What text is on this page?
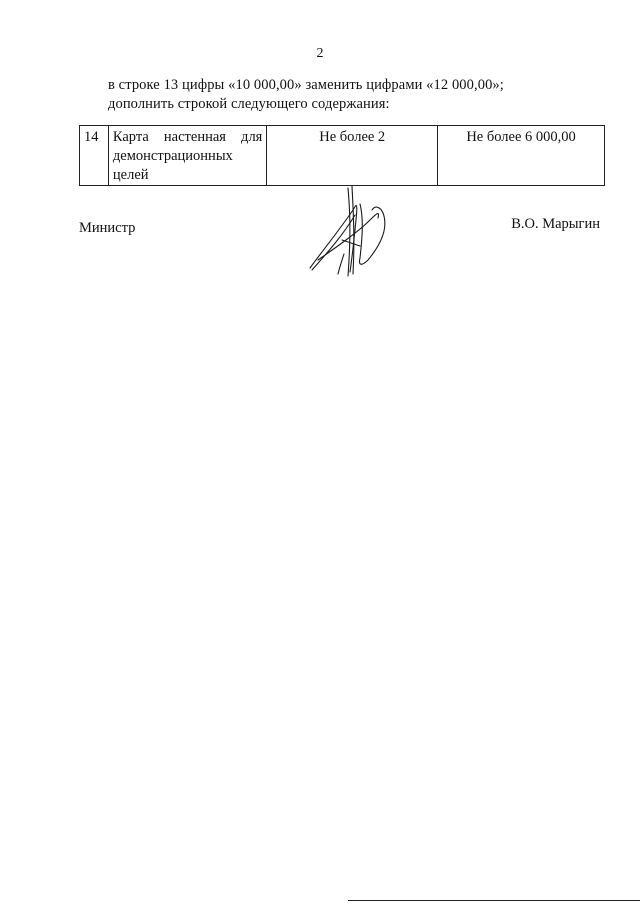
2
в строке 13 цифры «10 000,00» заменить цифрами «12 000,00»;
дополнить строкой следующего содержания:
14	Карта настенная для демонстрационных целей	Не более 2	Не более 6 000,00
Министр	В.О. Марыгин
